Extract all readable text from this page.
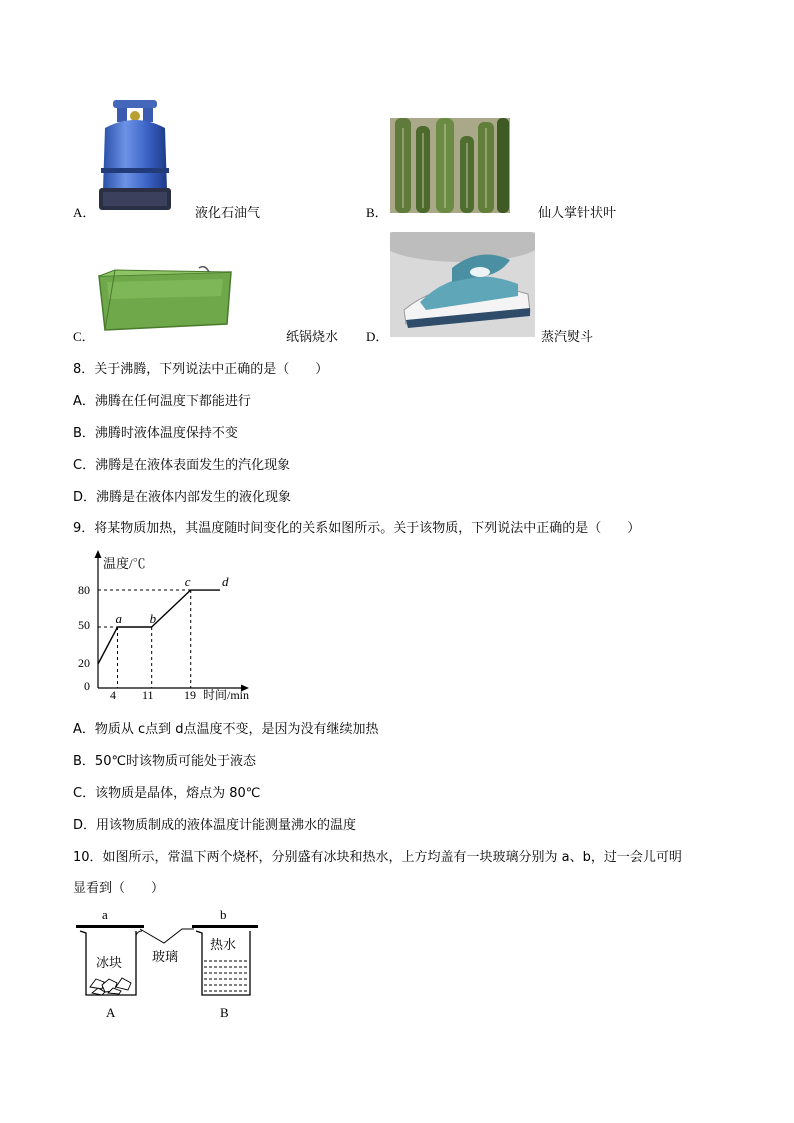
A．	液化石油气	B．	仙人掌针状叶
C．	纸锅烧水 D．	蒸汽熨斗
8．关于沸腾，下列说法中正确的是（　　）
A．沸腾在任何温度下都能进行
B．沸腾时液体温度保持不变
C．沸腾是在液体表面发生的汽化现象
D．沸腾是在液体内部发生的液化现象
9．将某物质加热，其温度随时间变化的关系如图所示。关于该物质，下列说法中正确的是（　　）
温度/℃
时间/min
0
20
50
80
4 11	19
a b
c d
A．物质从 c点到 d点温度不变，是因为没有继续加热
B．50℃时该物质可能处于液态
C．该物质是晶体，熔点为 80℃
D．用该物质制成的液体温度计能测量沸水的温度
10．如图所示，常温下两个烧杯，分别盛有冰块和热水，上方均盖有一块玻璃分别为 a、b，过一会儿可明
显看到（　　）
a	b
冰块
热水
玻璃
A	B
